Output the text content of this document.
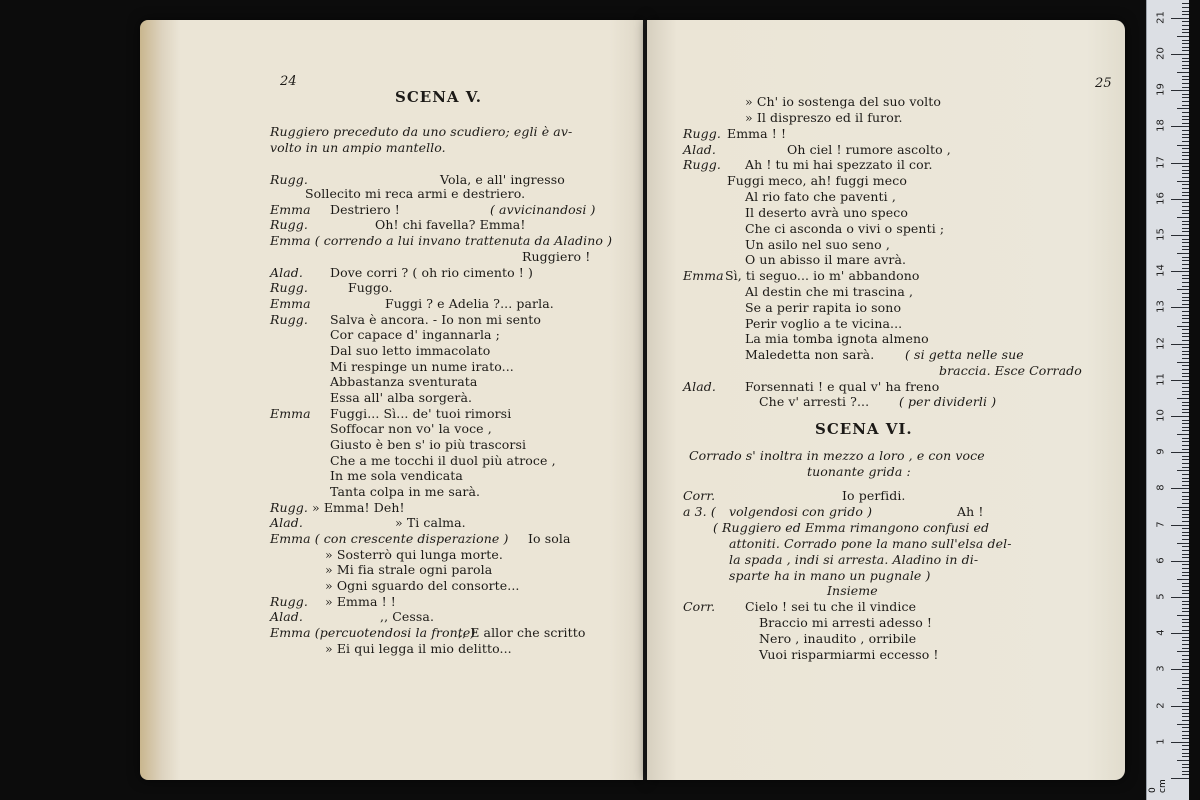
24
SCENA V.
Ruggiero preceduto da uno scudiero; egli è av-
volto in un ampio mantello.
Rugg.	Vola, e all' ingresso
Sollecito mi reca armi e destriero.
Emma Destriero !	( avvicinandosi )
Rugg.	Oh! chi favella? Emma!
Emma ( correndo a lui invano trattenuta da Aladino )
Ruggiero !
Alad. Dove corri ? ( oh rio cimento ! )
Rugg.	Fuggo.
Emma	Fuggi ? e Adelia ?... parla.
Rugg. Salva è ancora. - Io non mi sento
Cor capace d' ingannarla ;
Dal suo letto immacolato
Mi respinge un nume irato...
Abbastanza sventurata
Essa all' alba sorgerà.
Emma Fuggi... Sì... de' tuoi rimorsi
Soffocar non vo' la voce ,
Giusto è ben s' io più trascorsi
Che a me tocchi il duol più atroce ,
In me sola vendicata
Tanta colpa in me sarà.
Rugg. » Emma! Deh!
Alad.	» Ti calma.
Emma ( con crescente disperazione ) Io sola
» Sosterrò qui lunga morte.
» Mi fia strale ogni parola
» Ogni sguardo del consorte...
Rugg. » Emma ! !
Alad.	,, Cessa.
Emma (percuotendosi la fronte)
,, E allor che scritto
» Ei qui legga il mio delitto...
25
SCENA VI.
» Ch' io sostenga del suo volto
» Il dispreszo ed il furor.
Rugg. Emma ! !
Alad.	Oh ciel ! rumore ascolto ,
Rugg. Ah ! tu mi hai spezzato il cor.
Fuggi meco, ah! fuggi meco
Al rio fato che paventi ,
Il deserto avrà uno speco
Che ci asconda o vivi o spenti ;
Un asilo nel suo seno ,
O un abisso il mare avrà.
Emma Sì, ti seguo... io m' abbandono
Al destin che mi trascina ,
Se a perir rapita io sono
Perir voglio a te vicina...
La mia tomba ignota almeno
Maledetta non sarà. ( si getta nelle sue
braccia. Esce Corrado
Alad. Forsennati ! e qual v' ha freno
Che v' arresti ?... ( per dividerli )
Corrado s' inoltra in mezzo a loro , e con voce
tuonante grida :
Corr.	Io perfidi.
a 3. ( volgendosi con grido )	Ah !
( Ruggiero ed Emma rimangono confusi ed
attoniti. Corrado pone la mano sull'elsa del-
la spada , indi si arresta. Aladino in di-
sparte ha in mano un pugnale )
Insieme
Corr. Cielo ! sei tu che il vindice
Braccio mi arresti adesso !
Nero , inaudito , orribile
Vuoi risparmiarmi eccesso !
0 cm
1
2
3
4
5
6
7
8
9
10
11
12
13
14
15
16
17
18
19
20
21
